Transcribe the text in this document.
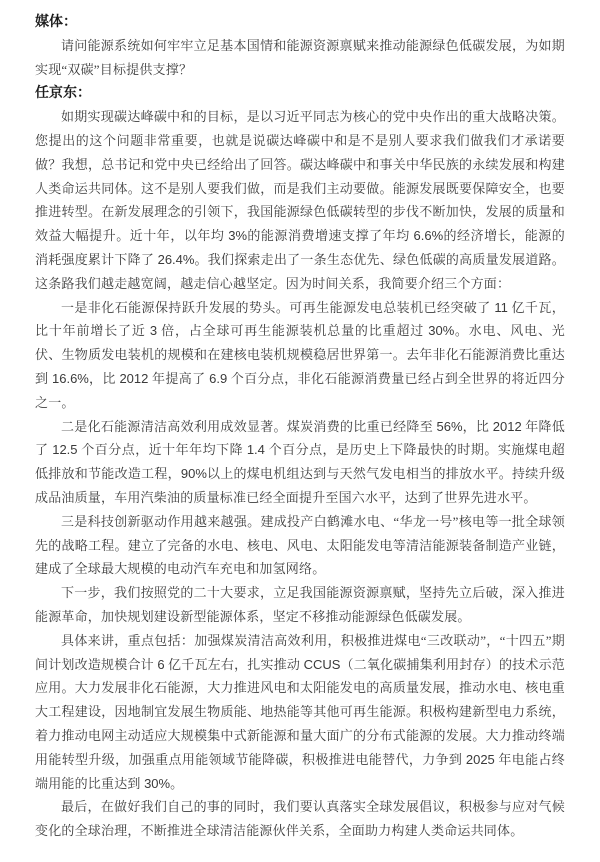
媒体：

请问能源系统如何牢牢立足基本国情和能源资源禀赋来推动能源绿色低碳发展，为如期实现“双碳”目标提供支撑？

任京东：

如期实现碳达峰碳中和的目标，是以习近平同志为核心的党中央作出的重大战略决策。您提出的这个问题非常重要，也就是说碳达峰碳中和是不是别人要求我们做我们才承诺要做？我想，总书记和党中央已经给出了回答。碳达峰碳中和事关中华民族的永续发展和构建人类命运共同体。这不是别人要我们做，而是我们主动要做。能源发展既要保障安全，也要推进转型。在新发展理念的引领下，我国能源绿色低碳转型的步伐不断加快，发展的质量和效益大幅提升。近十年，以年均 3%的能源消费增速支撑了年均 6.6%的经济增长，能源的消耗强度累计下降了 26.4%。我们探索走出了一条生态优先、绿色低碳的高质量发展道路。这条路我们越走越宽阔，越走信心越坚定。因为时间关系，我简要介绍三个方面：

一是非化石能源保持跃升发展的势头。可再生能源发电总装机已经突破了 11 亿千瓦，比十年前增长了近 3 倍，占全球可再生能源装机总量的比重超过 30%。水电、风电、光伏、生物质发电装机的规模和在建核电装机规模稳居世界第一。去年非化石能源消费比重达到 16.6%，比 2012 年提高了 6.9 个百分点，非化石能源消费量已经占到全世界的将近四分之一。

二是化石能源清洁高效利用成效显著。煤炭消费的比重已经降至 56%，比 2012 年降低了 12.5 个百分点，近十年年均下降 1.4 个百分点，是历史上下降最快的时期。实施煤电超低排放和节能改造工程，90%以上的煤电机组达到与天然气发电相当的排放水平。持续升级成品油质量，车用汽柴油的质量标准已经全面提升至国六水平，达到了世界先进水平。

三是科技创新驱动作用越来越强。建成投产白鹤滩水电、“华龙一号”核电等一批全球领先的战略工程。建立了完备的水电、核电、风电、太阳能发电等清洁能源装备制造产业链，建成了全球最大规模的电动汽车充电和加氢网络。

下一步，我们按照党的二十大要求，立足我国能源资源禀赋，坚持先立后破，深入推进能源革命，加快规划建设新型能源体系，坚定不移推动能源绿色低碳发展。

具体来讲，重点包括：加强煤炭清洁高效利用，积极推进煤电“三改联动”，“十四五”期间计划改造规模合计 6 亿千瓦左右，扎实推动 CCUS（二氧化碳捕集利用封存）的技术示范应用。大力发展非化石能源，大力推进风电和太阳能发电的高质量发展，推动水电、核电重大工程建设，因地制宜发展生物质能、地热能等其他可再生能源。积极构建新型电力系统，着力推动电网主动适应大规模集中式新能源和量大面广的分布式能源的发展。大力推动终端用能转型升级，加强重点用能领域节能降碳，积极推进电能替代，力争到 2025 年电能占终端用能的比重达到 30%。

最后，在做好我们自己的事的同时，我们要认真落实全球发展倡议，积极参与应对气候变化的全球治理，不断推进全球清洁能源伙伴关系，全面助力构建人类命运共同体。
